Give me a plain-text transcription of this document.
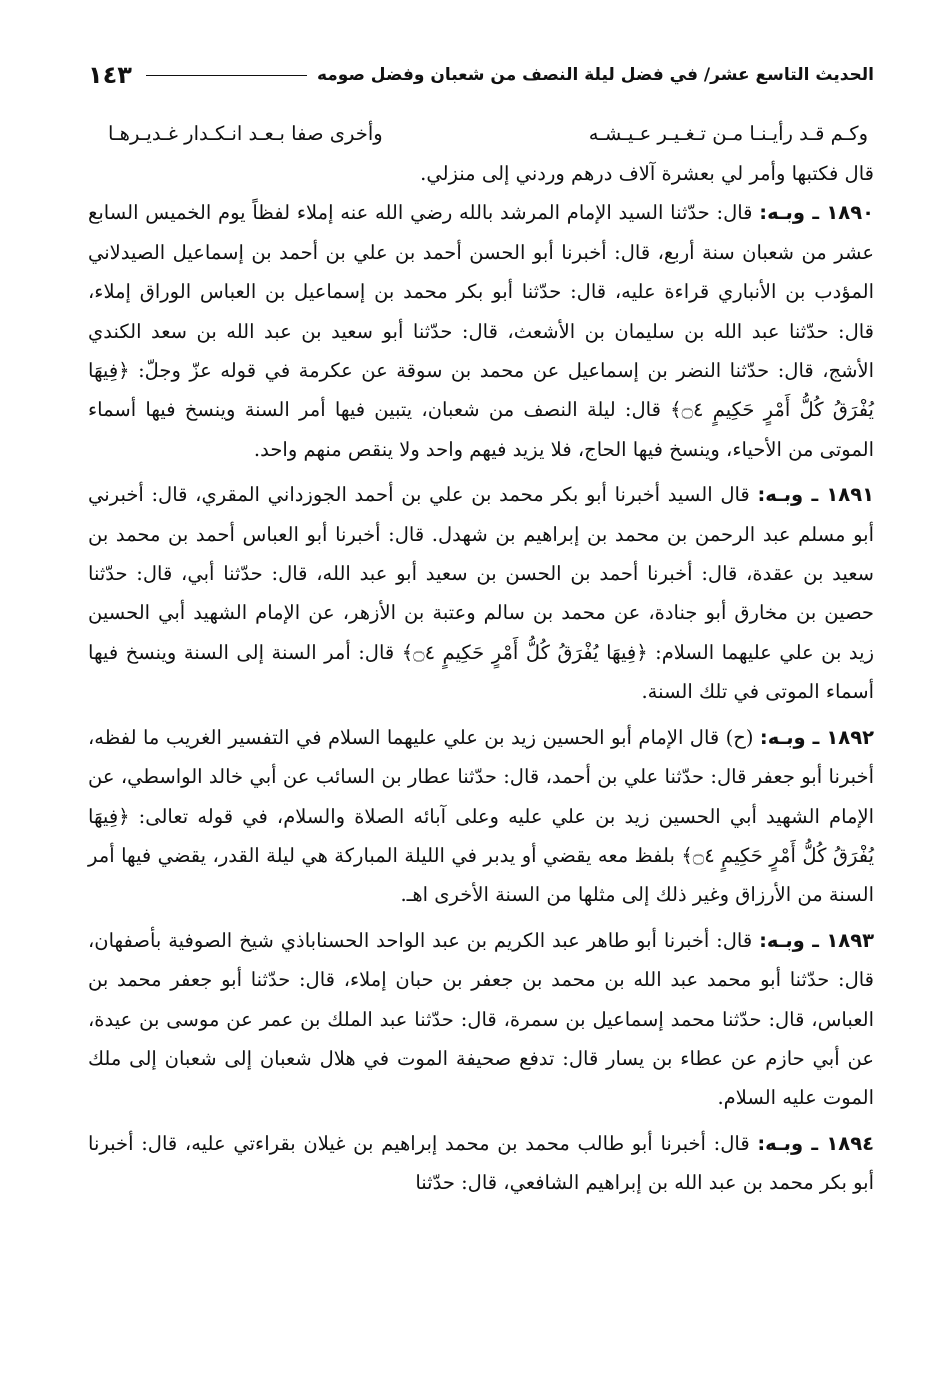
الحديث التاسع عشر/ في فضل ليلة النصف من شعبان وفضل صومه
١٤٣
وكـم قـد رأيـنـا مـن تـغـيـر عـيـشـه
وأخرى صفا بـعـد انـكـدار غـديـرهـا

قال فكتبها وأمر لي بعشرة آلاف درهم وردني إلى منزلي.

١٨٩٠ ـ وبـه: قال: حدّثنا السيد الإمام المرشد بالله رضي الله عنه إملاء لفظاً يوم الخميس السابع عشر من شعبان سنة أربع، قال: أخبرنا أبو الحسن أحمد بن علي بن أحمد بن إسماعيل الصيدلاني المؤدب بن الأنباري قراءة عليه، قال: حدّثنا أبو بكر محمد بن إسماعيل بن العباس الوراق إملاء، قال: حدّثنا عبد الله بن سليمان بن الأشعث، قال: حدّثنا أبو سعيد بن عبد الله بن سعد الكندي الأشج، قال: حدّثنا النضر بن إسماعيل عن محمد بن سوقة عن عكرمة في قوله عزّ وجلّ: ﴿فِيهَا يُفْرَقُ كُلُّ أَمْرٍ حَكِيمٍ ۝٤﴾ قال: ليلة النصف من شعبان، يتبين فيها أمر السنة وينسخ فيها أسماء الموتى من الأحياء، وينسخ فيها الحاج، فلا يزيد فيهم واحد ولا ينقص منهم واحد.

١٨٩١ ـ وبـه: قال السيد أخبرنا أبو بكر محمد بن علي بن أحمد الجوزداني المقري، قال: أخبرني أبو مسلم عبد الرحمن بن محمد بن إبراهيم بن شهدل. قال: أخبرنا أبو العباس أحمد بن محمد بن سعيد بن عقدة، قال: أخبرنا أحمد بن الحسن بن سعيد أبو عبد الله، قال: حدّثنا أبي، قال: حدّثنا حصين بن مخارق أبو جنادة، عن محمد بن سالم وعتبة بن الأزهر، عن الإمام الشهيد أبي الحسين زيد بن علي عليهما السلام: ﴿فِيهَا يُفْرَقُ كُلُّ أَمْرٍ حَكِيمٍ ۝٤﴾ قال: أمر السنة إلى السنة وينسخ فيها أسماء الموتى في تلك السنة.

١٨٩٢ ـ وبـه: (ح) قال الإمام أبو الحسين زيد بن علي عليهما السلام في التفسير الغريب ما لفظه، أخبرنا أبو جعفر قال: حدّثنا علي بن أحمد، قال: حدّثنا عطار بن السائب عن أبي خالد الواسطي، عن الإمام الشهيد أبي الحسين زيد بن علي عليه وعلى آبائه الصلاة والسلام، في قوله تعالى: ﴿فِيهَا يُفْرَقُ كُلُّ أَمْرٍ حَكِيمٍ ۝٤﴾ بلفظ معه يقضي أو يدبر في الليلة المباركة هي ليلة القدر، يقضي فيها أمر السنة من الأرزاق وغير ذلك إلى مثلها من السنة الأخرى اهـ.

١٨٩٣ ـ وبـه: قال: أخبرنا أبو طاهر عبد الكريم بن عبد الواحد الحسناباذي شيخ الصوفية بأصفهان، قال: حدّثنا أبو محمد عبد الله بن محمد بن جعفر بن حبان إملاء، قال: حدّثنا أبو جعفر محمد بن العباس، قال: حدّثنا محمد إسماعيل بن سمرة، قال: حدّثنا عبد الملك بن عمر عن موسى بن عيدة، عن أبي حازم عن عطاء بن يسار قال: تدفع صحيفة الموت في هلال شعبان إلى شعبان إلى ملك الموت عليه السلام.

١٨٩٤ ـ وبـه: قال: أخبرنا أبو طالب محمد بن محمد إبراهيم بن غيلان بقراءتي عليه، قال: أخبرنا أبو بكر محمد بن عبد الله بن إبراهيم الشافعي، قال: حدّثنا
